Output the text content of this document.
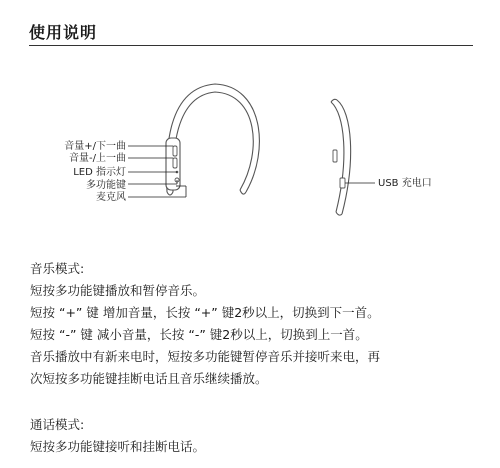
使用说明
音量+/下一曲
音量-/上一曲
LED 指示灯
多功能键
麦克风
USB 充电口

音乐模式:

短按多功能键播放和暂停音乐。

短按 “+” 键 增加音量，长按 “+” 键2秒以上，切换到下一首。

短按 “-” 键 减小音量，长按 “-” 键2秒以上，切换到上一首。

音乐播放中有新来电时，短按多功能键暂停音乐并接听来电，再

次短按多功能键挂断电话且音乐继续播放。

通话模式:

短按多功能键接听和挂断电话。
